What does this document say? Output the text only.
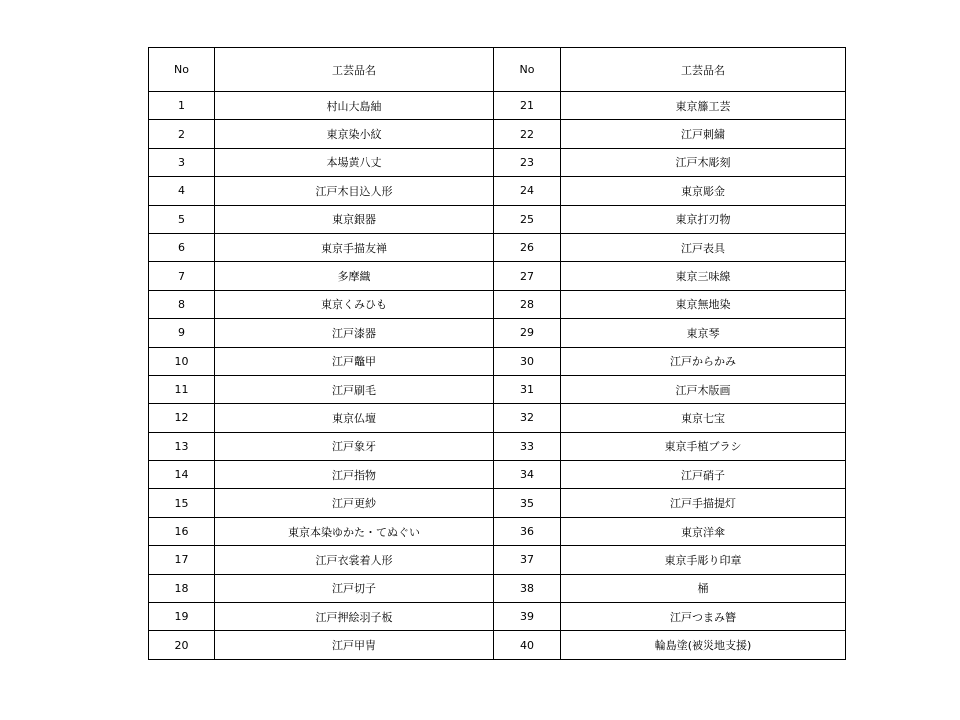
No	工芸品名	No	工芸品名
1	村山大島紬	21	東京籐工芸
2	東京染小紋	22	江戸刺繍
3	本場黄八丈	23	江戸木彫刻
4	江戸木目込人形	24	東京彫金
5	東京銀器	25	東京打刃物
6	東京手描友禅	26	江戸表具
7	多摩織	27	東京三味線
8	東京くみひも	28	東京無地染
9	江戸漆器	29	東京琴
10	江戸鼈甲	30	江戸からかみ
11	江戸刷毛	31	江戸木版画
12	東京仏壇	32	東京七宝
13	江戸象牙	33	東京手植ブラシ
14	江戸指物	34	江戸硝子
15	江戸更紗	35	江戸手描提灯
16	東京本染ゆかた・てぬぐい	36	東京洋傘
17	江戸衣裳着人形	37	東京手彫り印章
18	江戸切子	38	桶
19	江戸押絵羽子板	39	江戸つまみ簪
20	江戸甲冑	40	輪島塗(被災地支援)
